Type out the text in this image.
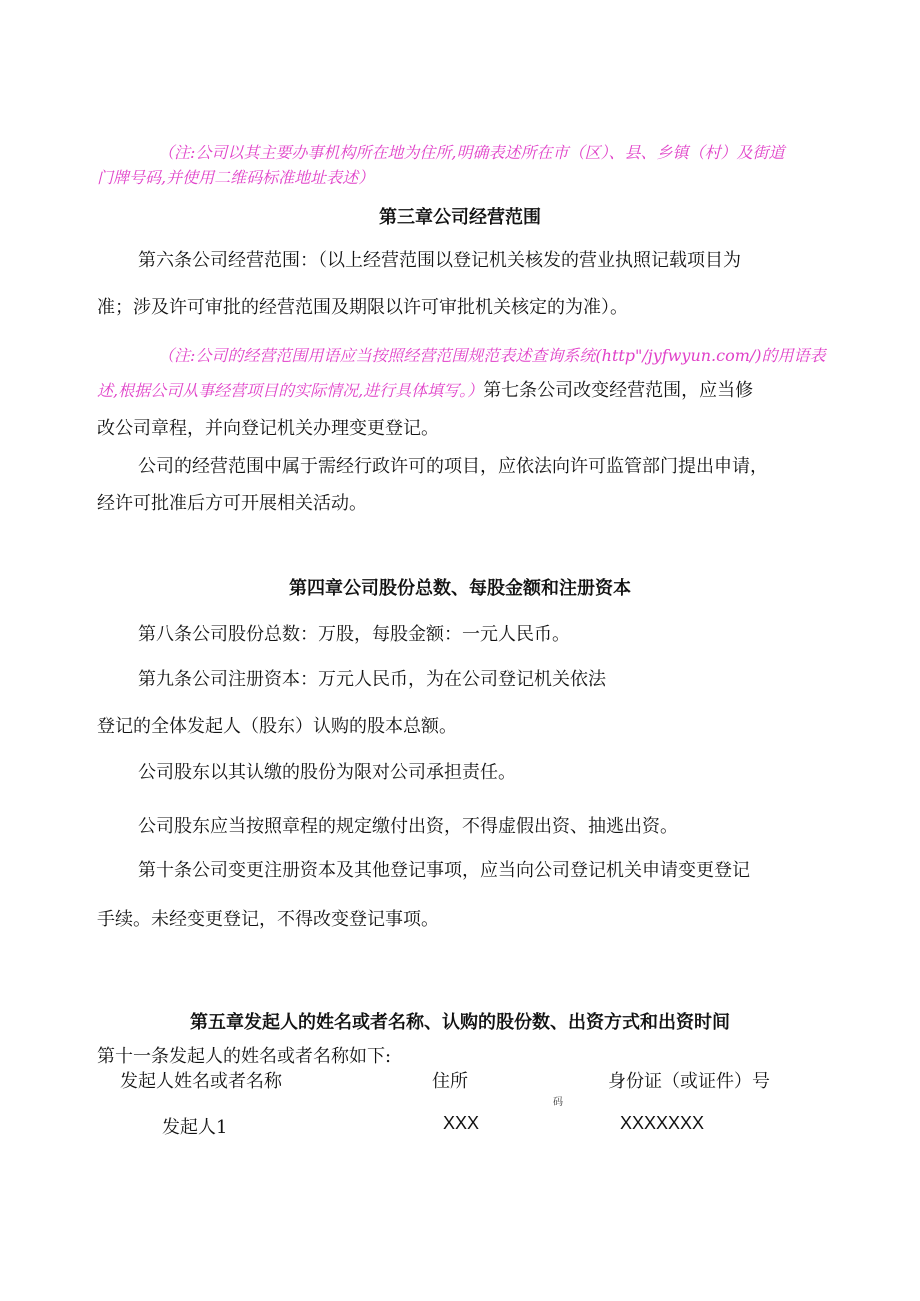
（注:公司以其主要办事机构所在地为住所,明确表述所在市（区）、县、乡镇（村）及街道
门牌号码,并使用二维码标准地址表述）
第三章公司经营范围
第六条公司经营范围：（以上经营范围以登记机关核发的营业执照记载项目为
准；涉及许可审批的经营范围及期限以许可审批机关核定的为准）。
（注:公司的经营范围用语应当按照经营范围规范表述查询系统(http"/jyfwyun.com/)的用语表
述,根据公司从事经营项目的实际情况,进行具体填写。）第七条公司改变经营范围，应当修
改公司章程，并向登记机关办理变更登记。
公司的经营范围中属于需经行政许可的项目，应依法向许可监管部门提出申请，
经许可批准后方可开展相关活动。
第四章公司股份总数、每股金额和注册资本
第八条公司股份总数：万股，每股金额：一元人民币。
第九条公司注册资本：万元人民币，为在公司登记机关依法
登记的全体发起人（股东）认购的股本总额。
公司股东以其认缴的股份为限对公司承担责任。
公司股东应当按照章程的规定缴付出资，不得虚假出资、抽逃出资。
第十条公司变更注册资本及其他登记事项，应当向公司登记机关申请变更登记
手续。未经变更登记，不得改变登记事项。
第五章发起人的姓名或者名称、认购的股份数、出资方式和出资时间
第十一条发起人的姓名或者名称如下:
发起人姓名或者名称	住所	身份证（或证件）号
码
发起人1	XXX	XXXXXXX
